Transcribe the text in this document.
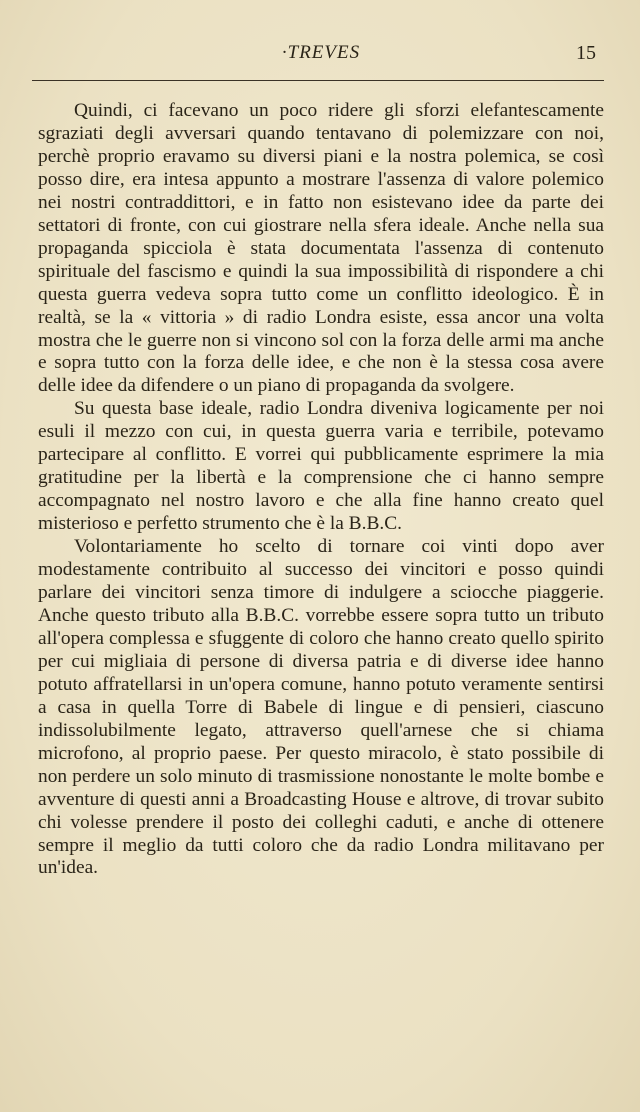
·TREVES	15

Quindi, ci facevano un poco ridere gli sforzi elefantescamente sgraziati degli avversari quando tentavano di polemizzare con noi, perchè proprio eravamo su diversi piani e la nostra polemica, se così posso dire, era intesa appunto a mostrare l'assenza di valore polemico nei nostri contraddittori, e in fatto non esistevano idee da parte dei settatori di fronte, con cui giostrare nella sfera ideale. Anche nella sua propaganda spicciola è stata documentata l'assenza di contenuto spirituale del fascismo e quindi la sua impossibilità di rispondere a chi questa guerra vedeva sopra tutto come un conflitto ideologico. È in realtà, se la « vittoria » di radio Londra esiste, essa ancor una volta mostra che le guerre non si vincono sol con la forza delle armi ma anche e sopra tutto con la forza delle idee, e che non è la stessa cosa avere delle idee da difendere o un piano di propaganda da svolgere.

Su questa base ideale, radio Londra diveniva logicamente per noi esuli il mezzo con cui, in questa guerra varia e terribile, potevamo partecipare al conflitto. E vorrei qui pubblicamente esprimere la mia gratitudine per la libertà e la comprensione che ci hanno sempre accompagnato nel nostro lavoro e che alla fine hanno creato quel misterioso e perfetto strumento che è la B.B.C.

Volontariamente ho scelto di tornare coi vinti dopo aver modestamente contribuito al successo dei vincitori e posso quindi parlare dei vincitori senza timore di indulgere a sciocche piaggerie. Anche questo tributo alla B.B.C. vorrebbe essere sopra tutto un tributo all'opera complessa e sfuggente di coloro che hanno creato quello spirito per cui migliaia di persone di diversa patria e di diverse idee hanno potuto affratellarsi in un'opera comune, hanno potuto veramente sentirsi a casa in quella Torre di Babele di lingue e di pensieri, ciascuno indissolubilmente legato, attraverso quell'arnese che si chiama microfono, al proprio paese. Per questo miracolo, è stato possibile di non perdere un solo minuto di trasmissione nonostante le molte bombe e avventure di questi anni a Broadcasting House e altrove, di trovar subito chi volesse prendere il posto dei colleghi caduti, e anche di ottenere sempre il meglio da tutti coloro che da radio Londra militavano per un'idea.
